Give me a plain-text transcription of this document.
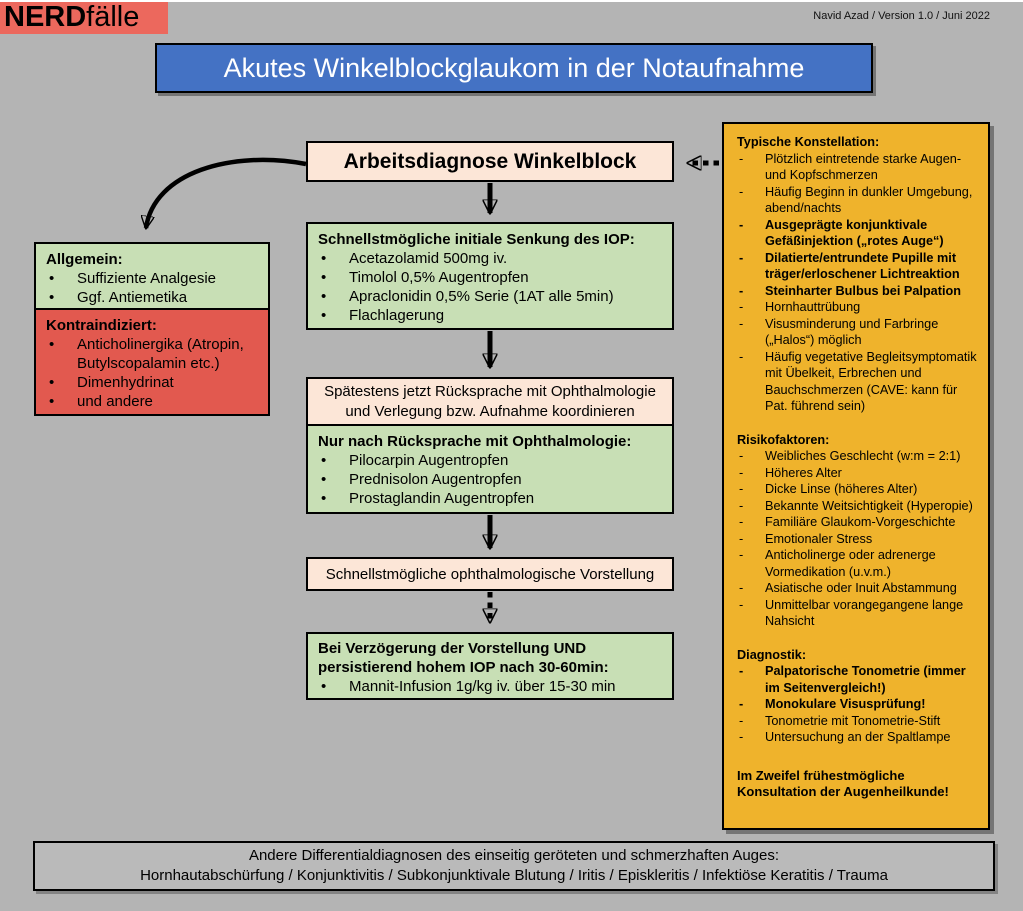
NERDfälle	Navid Azad / Version 1.0 / Juni 2022
Akutes Winkelblockglaukom in der Notaufnahme
Arbeitsdiagnose Winkelblock
Schnellstmögliche initiale Senkung des IOP:
• Acetazolamid 500mg iv.
• Timolol 0,5% Augentropfen
• Apraclonidin 0,5% Serie (1AT alle 5min)
• Flachlagerung
Allgemein:
• Suffiziente Analgesie
• Ggf. Antiemetika
Kontraindiziert:
• Anticholinergika (Atropin, Butylscopalamin etc.)
• Dimenhydrinat
• und andere
Spätestens jetzt Rücksprache mit Ophthalmologie und Verlegung bzw. Aufnahme koordinieren
Nur nach Rücksprache mit Ophthalmologie:
• Pilocarpin Augentropfen
• Prednisolon Augentropfen
• Prostaglandin Augentropfen
Schnellstmögliche ophthalmologische Vorstellung
Bei Verzögerung der Vorstellung UND persistierend hohem IOP nach 30-60min:
• Mannit-Infusion 1g/kg iv. über 15-30 min
Typische Konstellation:
- Plötzlich eintretende starke Augen- und Kopfschmerzen
- Häufig Beginn in dunkler Umgebung, abend/nachts
- Ausgeprägte konjunktivale Gefäßinjektion („rotes Auge“)
- Dilatierte/entrundete Pupille mit träger/erloschener Lichtreaktion
- Steinharter Bulbus bei Palpation
- Hornhauttrübung
- Visusminderung und Farbringe („Halos“) möglich
- Häufig vegetative Begleitsymptomatik mit Übelkeit, Erbrechen und Bauchschmerzen (CAVE: kann für Pat. führend sein)
Risikofaktoren:
- Weibliches Geschlecht (w:m = 2:1)
- Höheres Alter
- Dicke Linse (höheres Alter)
- Bekannte Weitsichtigkeit (Hyperopie)
- Familiäre Glaukom-Vorgeschichte
- Emotionaler Stress
- Anticholinerge oder adrenerge Vormedikation (u.v.m.)
- Asiatische oder Inuit Abstammung
- Unmittelbar vorangegangene lange Nahsicht
Diagnostik:
- Palpatorische Tonometrie (immer im Seitenvergleich!)
- Monokulare Visusprüfung!
- Tonometrie mit Tonometrie-Stift
- Untersuchung an der Spaltlampe
Im Zweifel frühestmögliche Konsultation der Augenheilkunde!
Andere Differentialdiagnosen des einseitig geröteten und schmerzhaften Auges:
Hornhautabschürfung / Konjunktivitis / Subkonjunktivale Blutung / Iritis / Episkleritis / Infektiöse Keratitis / Trauma
